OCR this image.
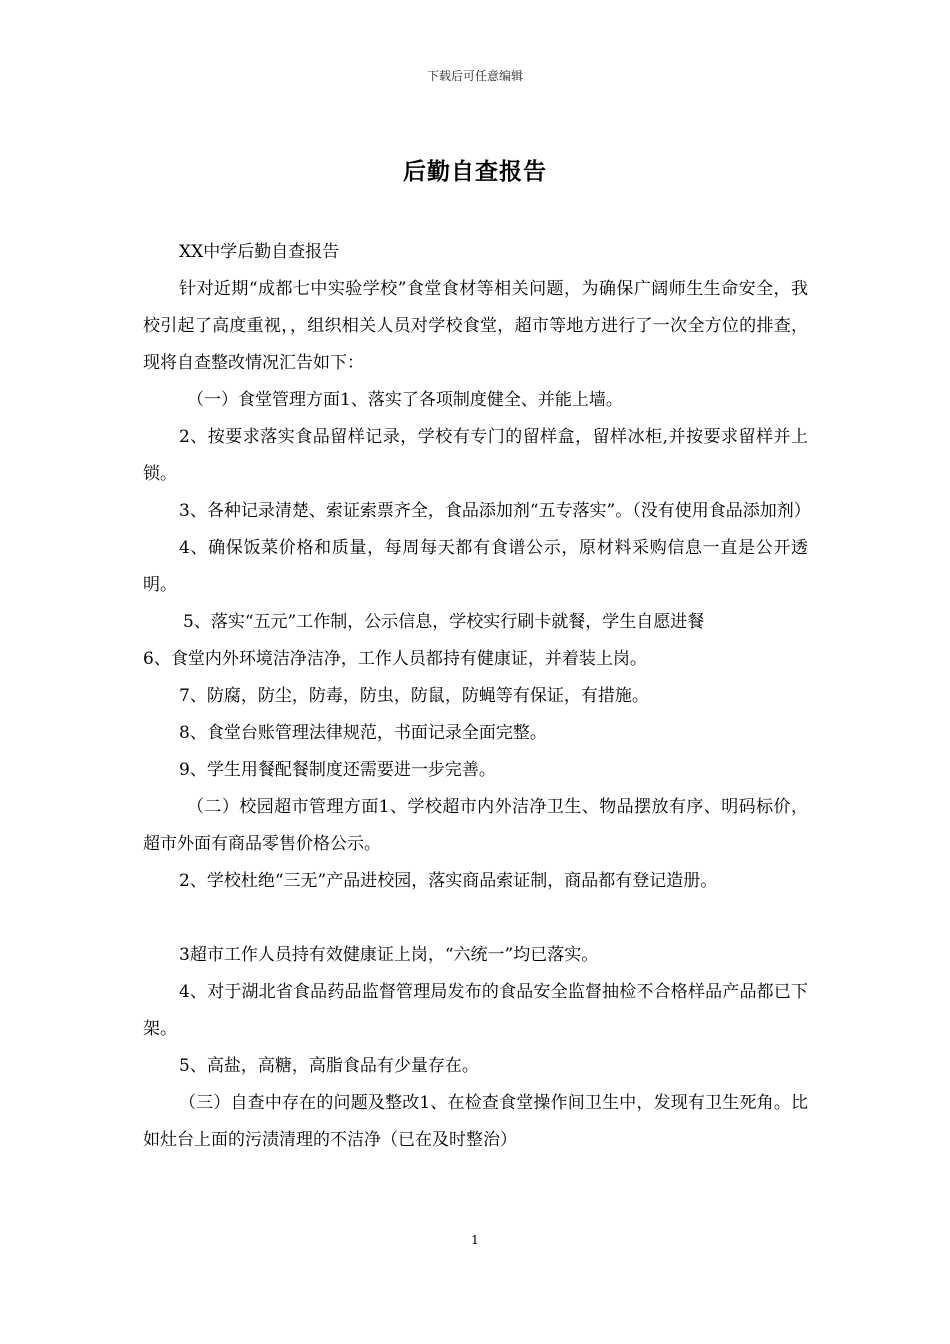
下载后可任意编辑
后勤自查报告

XX中学后勤自查报告

针对近期“成都七中实验学校”食堂食材等相关问题，为确保广阔师生生命安全，我校引起了高度重视，，组织相关人员对学校食堂，超市等地方进行了一次全方位的排查，现将自查整改情况汇告如下：

（一）食堂管理方面1、落实了各项制度健全、并能上墙。

2、按要求落实食品留样记录，学校有专门的留样盒，留样冰柜,并按要求留样并上锁。

3、各种记录清楚、索证索票齐全，食品添加剂“五专落实”。（没有使用食品添加剂）

4、确保饭菜价格和质量，每周每天都有食谱公示，原材料采购信息一直是公开透明。

5、落实“五元”工作制，公示信息，学校实行刷卡就餐，学生自愿进餐

6、食堂内外环境洁净洁净，工作人员都持有健康证，并着装上岗。

7、防腐，防尘，防毒，防虫，防鼠，防蝇等有保证，有措施。

8、食堂台账管理法律规范，书面记录全面完整。

9、学生用餐配餐制度还需要进一步完善。

（二）校园超市管理方面1、学校超市内外洁净卫生、物品摆放有序、明码标价，超市外面有商品零售价格公示。

2、学校杜绝“三无”产品进校园，落实商品索证制，商品都有登记造册。

3超市工作人员持有效健康证上岗，“六统一”均已落实。

4、对于湖北省食品药品监督管理局发布的食品安全监督抽检不合格样品产品都已下架。

5、高盐，高糖，高脂食品有少量存在。

（三）自查中存在的问题及整改1、在检查食堂操作间卫生中，发现有卫生死角。比如灶台上面的污渍清理的不洁净（已在及时整治）

1
